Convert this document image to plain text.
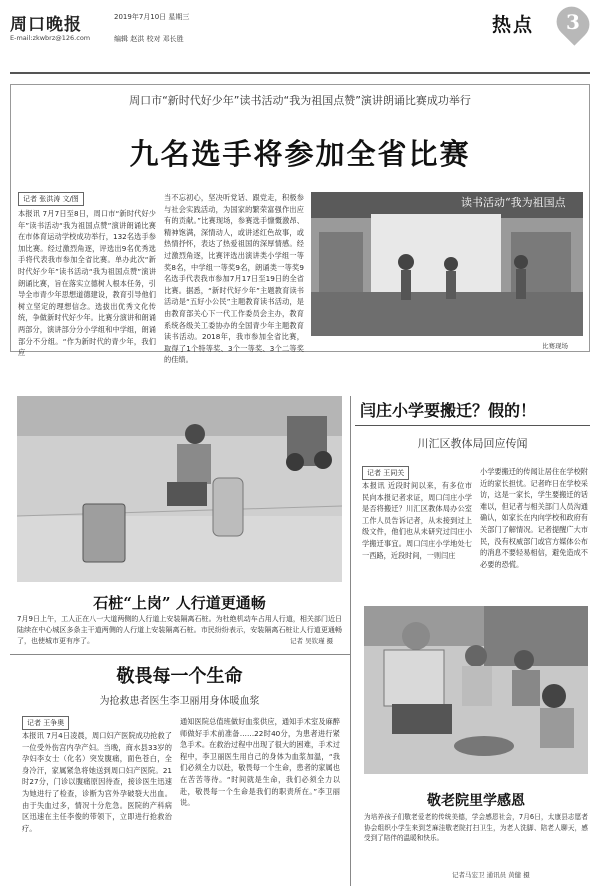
周口晚报
E-mail:zkwbrz@126.com
2019年7月10日 星期三
编辑 赵洪 校对 邓长胜
热点	3
周口市“新时代好少年”读书活动“我为祖国点赞”演讲朗诵比赛成功举行
九名选手将参加全省比赛
记者 张洪涛 文/图
本报讯 7月7日至8日，周口市“新时代好少年”读书活动“我为祖国点赞”演讲朗诵比赛在市体育运动学校成功举行，132名选手参加比赛。经过激烈角逐，评选出9名优秀选手将代表我市参加全省比赛。单办此次“新时代好少年”读书活动“我为祖国点赞”演讲朗诵比赛，旨在落实立德树人根本任务，引导全市青少年思想道德建设，教育引导他们树立坚定的理想信念。选拔出优秀文化传统，争做新时代好少年。比赛分演讲和朗诵两部分，演讲部分分小学组和中学组，朗诵部分不分组。“作为新时代的青少年，我们应
当不忘初心，坚决听党话、跟党走，积极参与社会实践活动，为国家的繁荣富强作出应有的贡献。”比赛现场，参赛选手慷慨激昂、精神饱满，深情动人，或讲述红色故事，或热情抒怀，表达了热爱祖国的深厚情感。经过激烈角逐，比赛评选出演讲类小学组一等奖8名，中学组一等奖9名，朗诵类一等奖9名选手代表我市参加7月17日至19日的全省比赛。据悉，“新时代好少年”主题教育读书活动是“五好小公民”主题教育读书活动，是由教育部关心下一代工作委员会主办，教育系统各级关工委协办的全国青少年主题教育读书活动。2018年，我市参加全省比赛，取得了1个特等奖、3个一等奖、3个二等奖的佳绩。
读书活动“我为祖国点
比赛现场
石桩“上岗” 人行道更通畅
7月9日上午，工人正在八一大道两侧的人行道上安装隔离石桩。为杜绝机动车占用人行道，相关部门近日陆续在中心城区多条主干道两侧的人行道上安装隔离石桩。市民纷纷表示，安装隔离石桩让人行道更通畅了，也使城市更有序了。	记者 吴钦瑾 摄
闫庄小学要搬迁？假的！
川汇区教体局回应传闻
记者 王同关
本报讯 近段时间以来，有多位市民向本报记者求证，周口闫庄小学是否将搬迁？川汇区教体局办公室工作人员告诉记者，从未接到过上级文件，他们也从未研究过闫庄小学搬迁事宜。周口闫庄小学地处七一西路，近段时间，一则闫庄
小学要搬迁的传闻让居住在学校附近的家长担忧。记者昨日在学校采访，这是一家长，学生要搬迁的话难以，但记者与相关部门人员沟通确认，如家长在内向学校和政府有关部门了解情况。记者提醒广大市民，没有权威部门或官方媒体公布的消息不要轻易相信，避免造成不必要的恐慌。
敬畏每一个生命
为抢救患者医生李卫丽用身体暖血浆
记者 王争奥
本报讯 7月4日凌晨，周口妇产医院成功抢救了一位受外伤宫内孕产妇。当晚，商水县33岁的孕妇李女士（化名）突发腹痛，面色苍白，全身冷汗，家属紧急将她送到周口妇产医院。21时27分，门诊以腹痛原因待查，接诊医生迅速为她进行了检查，诊断为宫外孕破裂大出血。由于失血过多，情况十分危急。医院的产科病区迅速在主任李俊的带领下，立即进行抢救治疗。
通知医院总值班做好血浆供应，通知手术室及麻醉师做好手术前准备……22时40分，为患者进行紧急手术。在救治过程中出现了很大的困难，手术过程中，李卫丽医生用自己的身体为血浆加温，“我们必须全力以赴，敬畏每一个生命，患者的家属也在苦苦等待。“时间就是生命，我们必须全力以赴，敬畏每一个生命是我们的职责所在。”李卫丽说。	敬老院里学感恩
为培养孩子们敬老爱老的传统美德，学会感恩社会，7月6日，太康县志愿者协会组织小学生来到芝麻洼敬老院打扫卫生，为老人洗脚、陪老人聊天，感受到了陪伴的温暖和快乐。
记者马宏卫 通讯员 黄健 摄
